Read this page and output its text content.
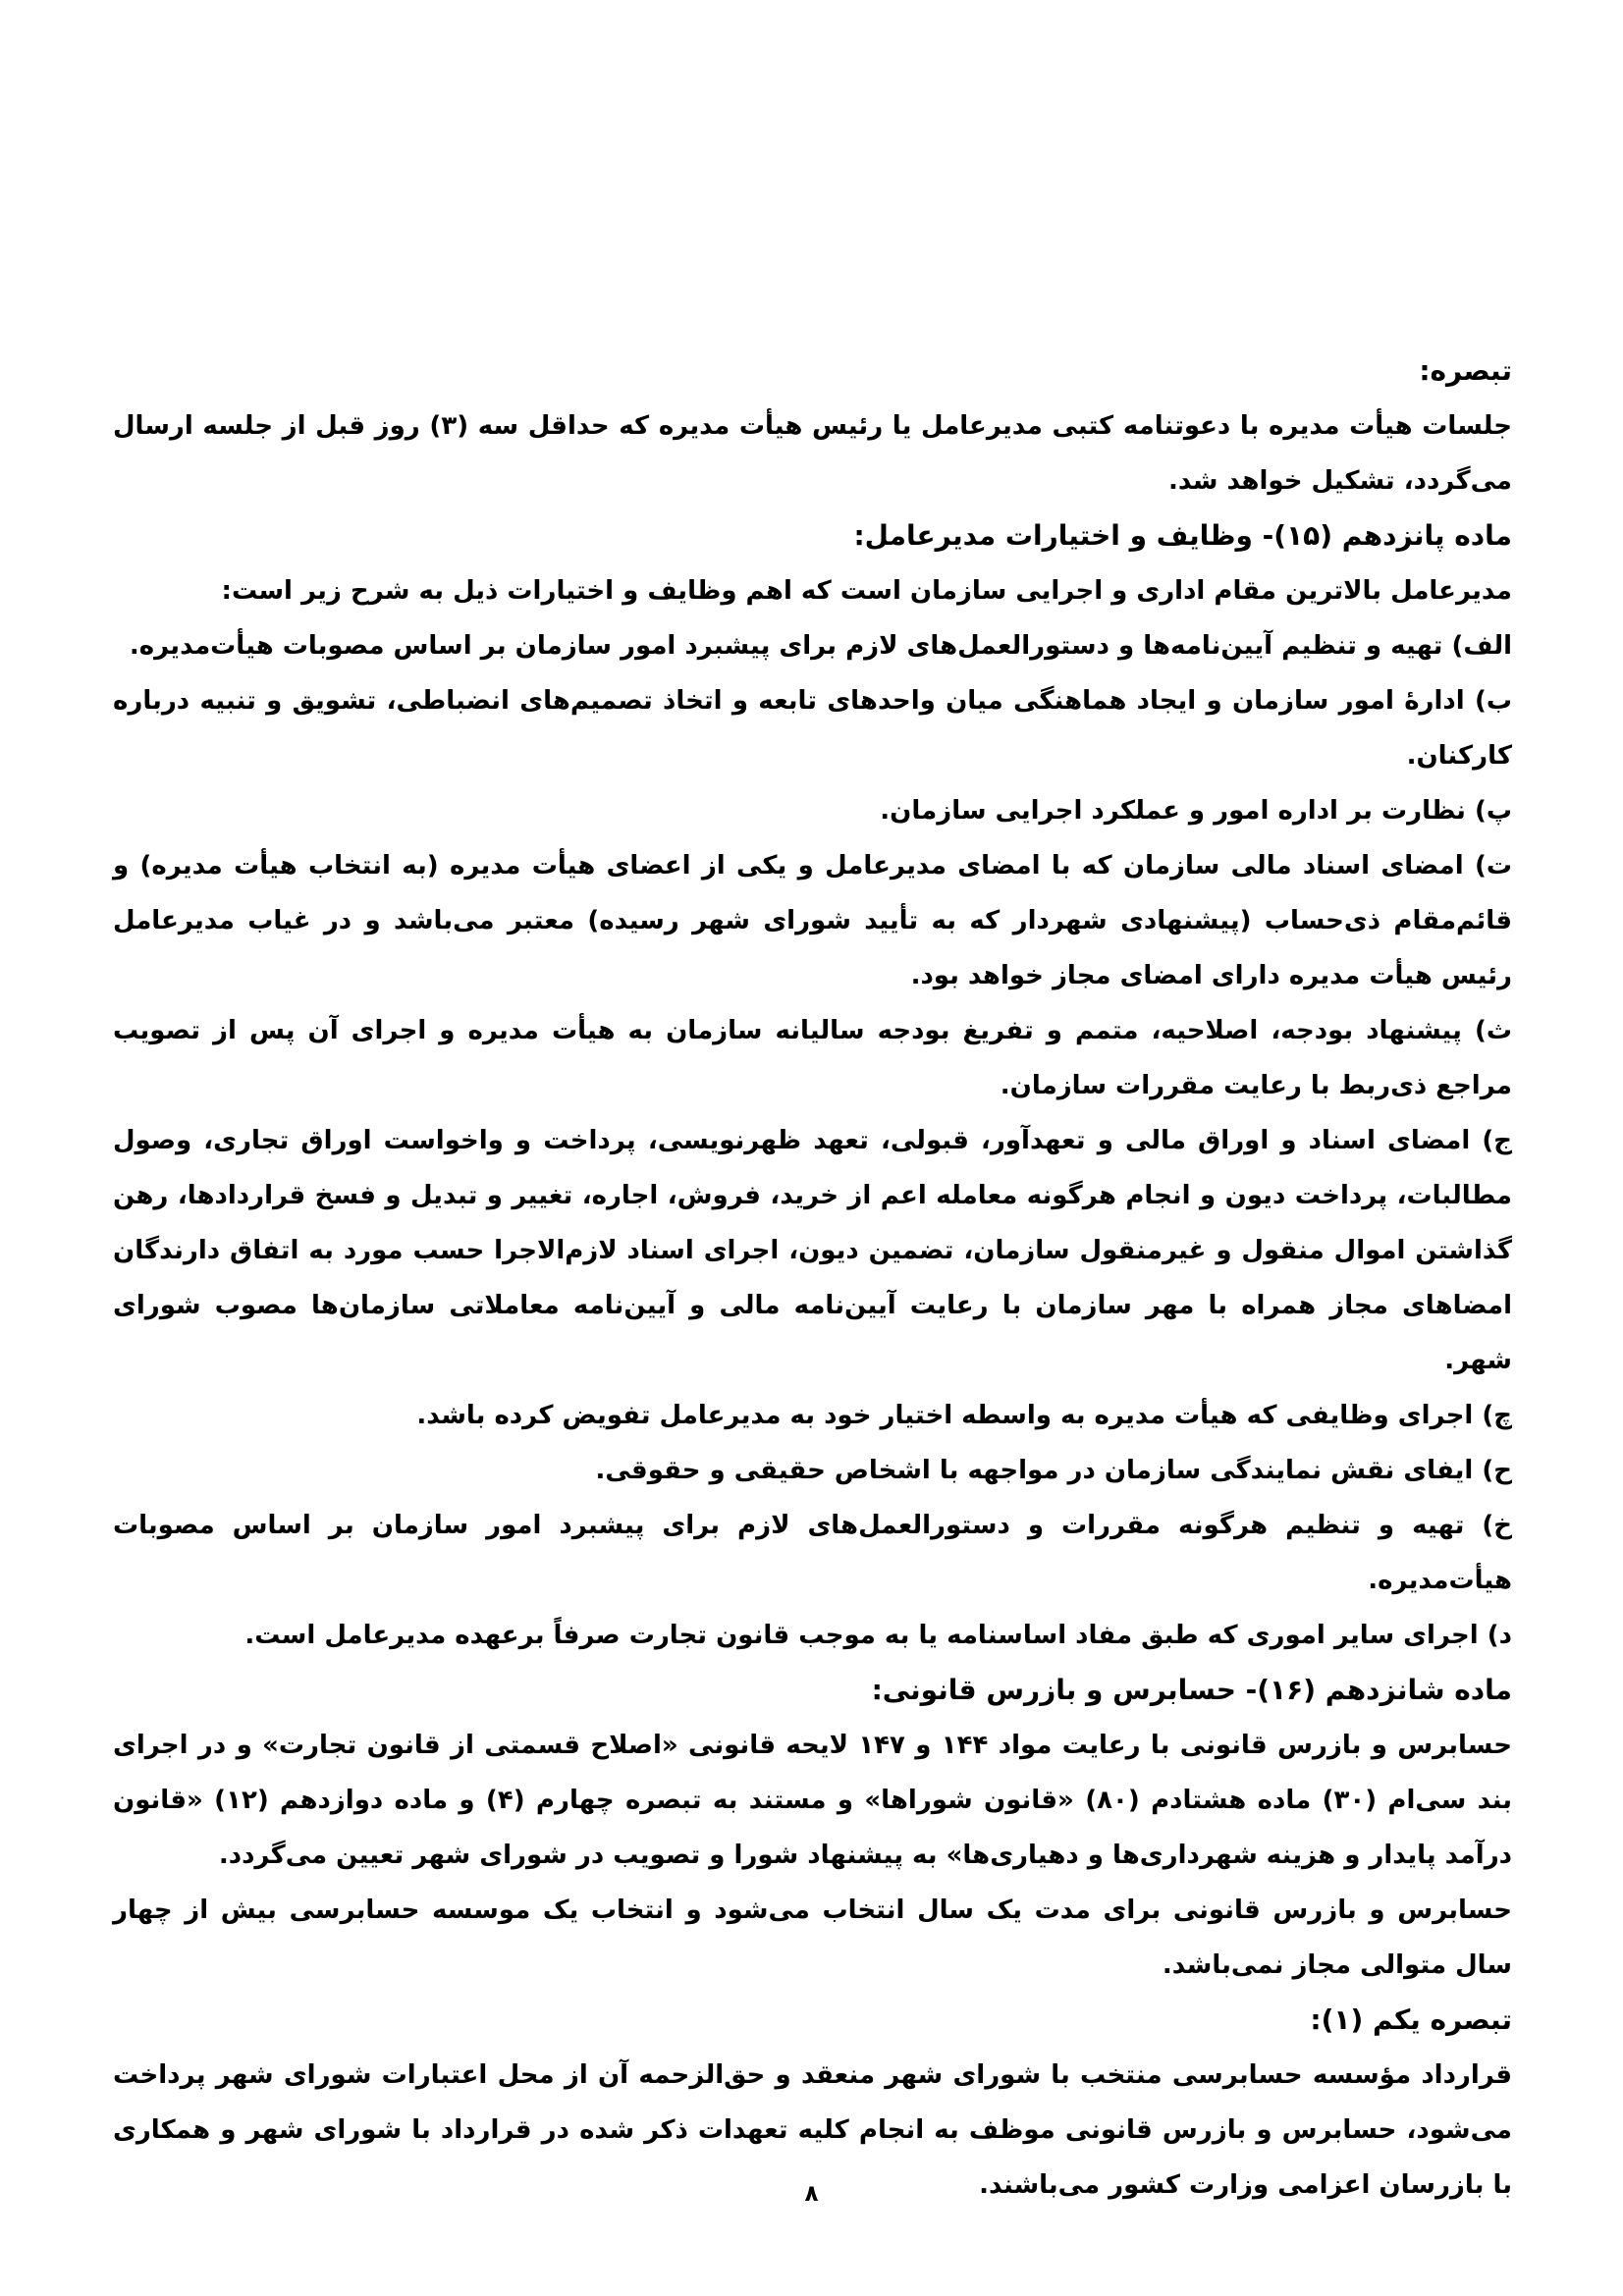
تبصره:

جلسات هیأت مدیره با دعوتنامه کتبی مدیرعامل یا رئیس هیأت مدیره که حداقل سه (۳) روز قبل از جلسه ارسال می‌گردد، تشکیل خواهد شد.

ماده پانزدهم (۱۵)- وظایف و اختیارات مدیرعامل:

مدیرعامل بالاترین مقام اداری و اجرایی سازمان است که اهم وظایف و اختیارات ذیل به شرح زیر است:

الف) تهیه و تنظیم آیین‌نامه‌ها و دستورالعمل‌های لازم برای پیشبرد امور سازمان بر اساس مصوبات هیأت‌مدیره.

ب) ادارۀ امور سازمان و ایجاد هماهنگی میان واحدهای تابعه و اتخاذ تصمیم‌های انضباطی، تشویق و تنبیه درباره کارکنان.

پ) نظارت بر اداره امور و عملکرد اجرایی سازمان.

ت) امضای اسناد مالی سازمان که با امضای مدیرعامل و یکی از اعضای هیأت مدیره (به انتخاب هیأت مدیره) و قائم‌مقام ذی‌حساب (پیشنهادی شهردار که به تأیید شورای شهر رسیده) معتبر می‌باشد و در غیاب مدیرعامل رئیس هیأت مدیره دارای امضای مجاز خواهد بود.

ث) پیشنهاد بودجه، اصلاحیه، متمم و تفریغ بودجه سالیانه سازمان به هیأت مدیره و اجرای آن پس از تصویب مراجع ذی‌ربط با رعایت مقررات سازمان.

ج) امضای اسناد و اوراق مالی و تعهدآور، قبولی، تعهد ظهرنویسی، پرداخت و واخواست اوراق تجاری، وصول مطالبات، پرداخت دیون و انجام هرگونه معامله اعم از خرید، فروش، اجاره، تغییر و تبدیل و فسخ قراردادها، رهن گذاشتن اموال منقول و غیرمنقول سازمان، تضمین دیون، اجرای اسناد لازم‌الاجرا حسب مورد به اتفاق دارندگان امضاهای مجاز همراه با مهر سازمان با رعایت آیین‌نامه مالی و آیین‌نامه معاملاتی سازمان‌ها مصوب شورای شهر.

چ) اجرای وظایفی که هیأت مدیره به واسطه اختیار خود به مدیرعامل تفویض کرده باشد.

ح) ایفای نقش نمایندگی سازمان در مواجهه با اشخاص حقیقی و حقوقی.

خ) تهیه و تنظیم هرگونه مقررات و دستورالعمل‌های لازم برای پیشبرد امور سازمان بر اساس مصوبات هیأت‌مدیره.

د) اجرای سایر اموری که طبق مفاد اساسنامه یا به موجب قانون تجارت صرفاً برعهده مدیرعامل است.

ماده شانزدهم (۱۶)- حسابرس و بازرس قانونی:

حسابرس و بازرس قانونی با رعایت مواد ۱۴۴ و ۱۴۷ لایحه قانونی «اصلاح قسمتی از قانون تجارت» و در اجرای بند سی‌ام (۳۰) ماده هشتادم (۸۰) «قانون شوراها» و مستند به تبصره چهارم (۴) و ماده دوازدهم (۱۲) «قانون درآمد پایدار و هزینه شهرداری‌ها و دهیاری‌ها» به پیشنهاد شورا و تصویب در شورای شهر تعیین می‌گردد.

حسابرس و بازرس قانونی برای مدت یک سال انتخاب می‌شود و انتخاب یک موسسه حسابرسی بیش از چهار سال متوالی مجاز نمی‌باشد.

تبصره یکم (۱):

قرارداد مؤسسه حسابرسی منتخب با شورای شهر منعقد و حق‌الزحمه آن از محل اعتبارات شورای شهر پرداخت می‌شود، حسابرس و بازرس قانونی موظف به انجام کلیه تعهدات ذکر شده در قرارداد با شورای شهر و همکاری با بازرسان اعزامی وزارت کشور می‌باشند.

۸
